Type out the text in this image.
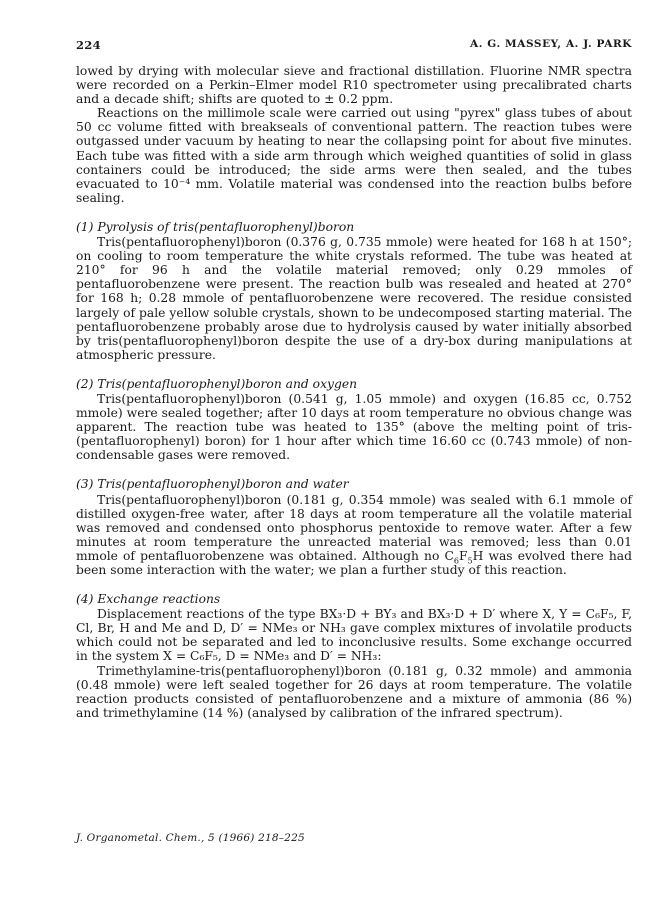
224	A. G. MASSEY, A. J. PARK

lowed by drying with molecular sieve and fractional distillation. Fluorine NMR spectra were recorded on a Perkin–Elmer model R10 spectrometer using precalibrated charts and a decade shift; shifts are quoted to ± 0.2 ppm.

Reactions on the millimole scale were carried out using "pyrex" glass tubes of about 50 cc volume fitted with breakseals of conventional pattern. The reaction tubes were outgassed under vacuum by heating to near the collapsing point for about five minutes. Each tube was fitted with a side arm through which weighed quantities of solid in glass containers could be introduced; the side arms were then sealed, and the tubes evacuated to 10⁻⁴ mm. Volatile material was condensed into the reaction bulbs before sealing.

(1) Pyrolysis of tris(pentafluorophenyl)boron

Tris(pentafluorophenyl)boron (0.376 g, 0.735 mmole) were heated for 168 h at 150°; on cooling to room temperature the white crystals reformed. The tube was heated at 210° for 96 h and the volatile material removed; only 0.29 mmoles of pentafluorobenzene were present. The reaction bulb was resealed and heated at 270° for 168 h; 0.28 mmole of pentafluorobenzene were recovered. The residue consisted largely of pale yellow soluble crystals, shown to be undecomposed starting material. The pentafluorobenzene probably arose due to hydrolysis caused by water initially absorbed by tris(pentafluorophenyl)boron despite the use of a dry-box during manipulations at atmospheric pressure.

(2) Tris(pentafluorophenyl)boron and oxygen

Tris(pentafluorophenyl)boron (0.541 g, 1.05 mmole) and oxygen (16.85 cc, 0.752 mmole) were sealed together; after 10 days at room temperature no obvious change was apparent. The reaction tube was heated to 135° (above the melting point of tris-(pentafluorophenyl) boron) for 1 hour after which time 16.60 cc (0.743 mmole) of non-condensable gases were removed.

(3) Tris(pentafluorophenyl)boron and water

Tris(pentafluorophenyl)boron (0.181 g, 0.354 mmole) was sealed with 6.1 mmole of distilled oxygen-free water, after 18 days at room temperature all the volatile material was removed and condensed onto phosphorus pentoxide to remove water. After a few minutes at room temperature the unreacted material was removed; less than 0.01 mmole of pentafluorobenzene was obtained. Although no $C_6F_5H$ was evolved there had been some interaction with the water; we plan a further study of this reaction.

(4) Exchange reactions

Displacement reactions of the type BX₃·D + BY₃ and BX₃·D + D′ where X, Y = C₆F₅, F, Cl, Br, H and Me and D, D′ = NMe₃ or NH₃ gave complex mixtures of involatile products which could not be separated and led to inconclusive results. Some exchange occurred in the system X = C₆F₅, D = NMe₃ and D′ = NH₃:

Trimethylamine-tris(pentafluorophenyl)boron (0.181 g, 0.32 mmole) and ammonia (0.48 mmole) were left sealed together for 26 days at room temperature. The volatile reaction products consisted of pentafluorobenzene and a mixture of ammonia (86 %) and trimethylamine (14 %) (analysed by calibration of the infrared spectrum).

J. Organometal. Chem., 5 (1966) 218–225
